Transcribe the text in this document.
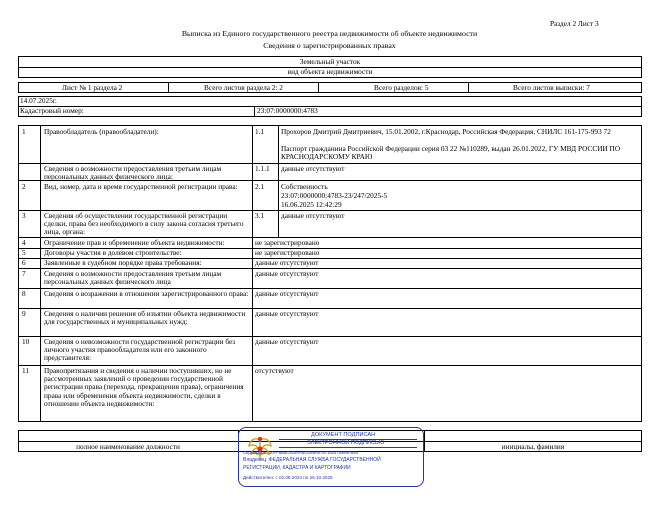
Раздел 2 Лист 3
Выписка из Единого государственного реестра недвижимости об объекте недвижимости
Сведения о зарегистрированных правах
Земельный участок
вид объекта недвижимости
Лист № 1 раздела 2	Всего листов раздела 2: 2	Всего разделов: 5	Всего листов выписки: 7
14.07.2025г.
Кадастровый номер:	23:07:0000000:4783
1	Правообладатель (правообладатели):	1.1 Прохоров Дмитрий Дмитриевич, 15.01.2002, г.Краснодар, Российская Федерация, СНИЛС 161-175-993 72
Паспорт гражданина Российской Федерации серия 03 22 №110289, выдан 26.01.2022, ГУ МВД РОССИИ ПО КРАСНОДАРСКОМУ КРАЮ
Сведения о возможности предоставления третьим лицам персональных данных физического лица:
1.1.1 данные отсутствуют
2	Вид, номер, дата и время государственной регистрации права:	2.1 Собственность
23:07:0000000:4783-23/247/2025-5
16.06.2025 12:42:29
3	Сведения об осуществлении государственной регистрации сделки, права без необходимого в силу закона согласия третьего лица, органа:
3.1 данные отсутствуют
4	Ограничение прав и обременение объекта недвижимости:	не зарегистрировано
5	Договоры участия в долевом строительстве:	не зарегистрировано
6	Заявленные в судебном порядке права требования:	данные отсутствуют
7	Сведения о возможности предоставления третьим лицам персональных данных физического лица
данные отсутствуют
8	Сведения о возражении в отношении зарегистрированного права: данные отсутствуют
9	Сведения о наличии решения об изъятии объекта недвижимости для государственных и муниципальных нужд:
данные отсутствуют
10 Сведения о невозможности государственной регистрации без личного участия правообладателя или его законного представителя:
данные отсутствуют
11 Правопритязания и сведения о наличии поступивших, но не рассмотренных заявлений о проведении государственной регистрации права (перехода, прекращения права), ограничения права или обременения объекта недвижимости, сделки в отношении объекта недвижимости:
отсутствуют
полное наименование должности	инициалы, фамилия
ДОКУМЕНТ ПОДПИСАН
ЭЛЕКТРОННОЙ ПОДПИСЬЮ
Сертификат: 00FF8B5C515AA8CD86A8787162575988FB56
Владелец: ФЕДЕРАЛЬНАЯ СЛУЖБА ГОСУДАРСТВЕННОЙ
РЕГИСТРАЦИИ, КАДАСТРА И КАРТОГРАФИИ
Действителен: с 02.08.2024 по 26.10.2025
